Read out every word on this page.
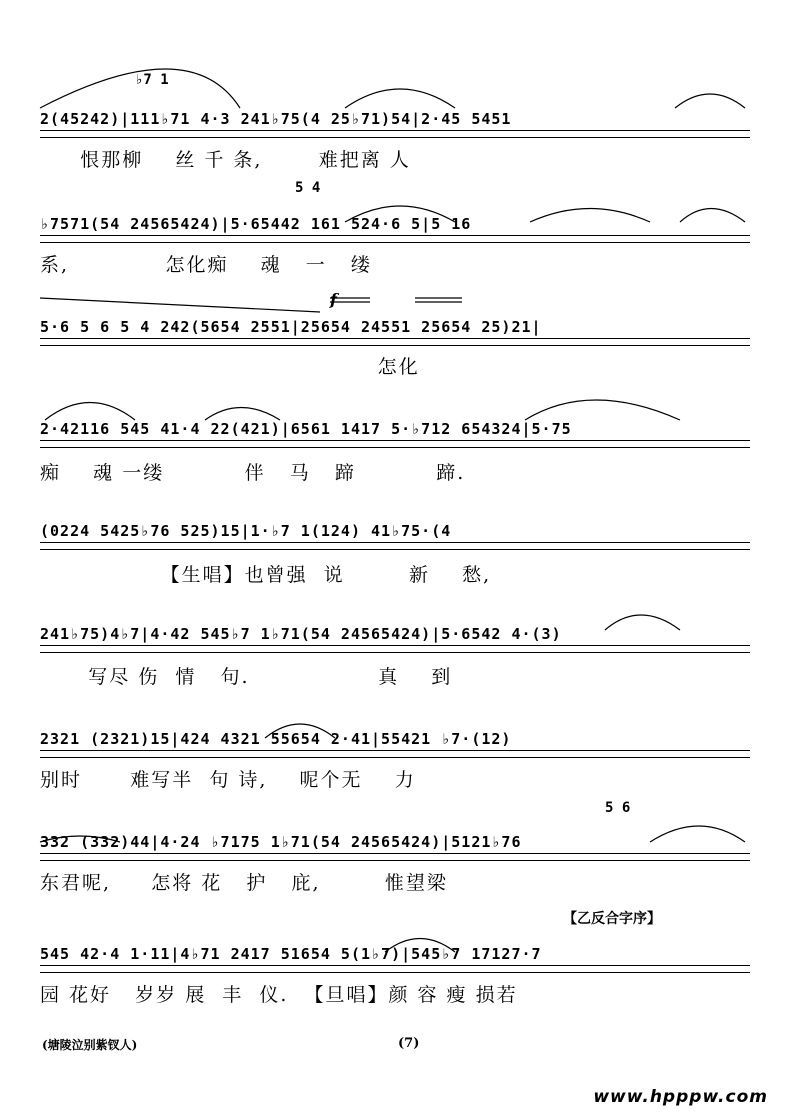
♭7 1
5 4
5 6
f
【乙反合字序】
2(45242)|111♭71 4·3 241♭75(4 25♭71)54|2·45 5451
恨那柳    丝 千 条,       难把离 人
♭7571(54 24565424)|5·65442 161 524·6 5|5 16
系,            怎化痴    魂   一   缕
5·6 5 6 5 4 242(5654 2551|25654 24551 25654 25)21|
怎化
2·42116 545 41·4 22(421)|6561 1417 5·♭712 654324|5·75
痴    魂 一缕          伴   马   蹄          蹄.
(0224 5425♭76 525)15|1·♭7 1(124) 41♭75·(4
【生唱】也曾强  说        新    愁,
241♭75)4♭7|4·42 545♭7 1♭71(54 24565424)|5·6542 4·(3)
写尽 伤  情   句.                真    到
2321 (2321)15|424 4321 55654 2·41|55421 ♭7·(12)
别时      难写半  句 诗,    呢个无    力
332 (332)44|4·24 ♭7175 1♭71(54 24565424)|5121♭76
东君呢,     怎将 花   护   庇,        惟望梁
545 42·4 1·11|4♭71 2417 51654 5(1♭7)|545♭7 17127·7
园 花好   岁岁 展  丰  仪.  【旦唱】颜 容 瘦 损若
(塘陵泣别紫钗人)	(7)
www.hpppw.com
